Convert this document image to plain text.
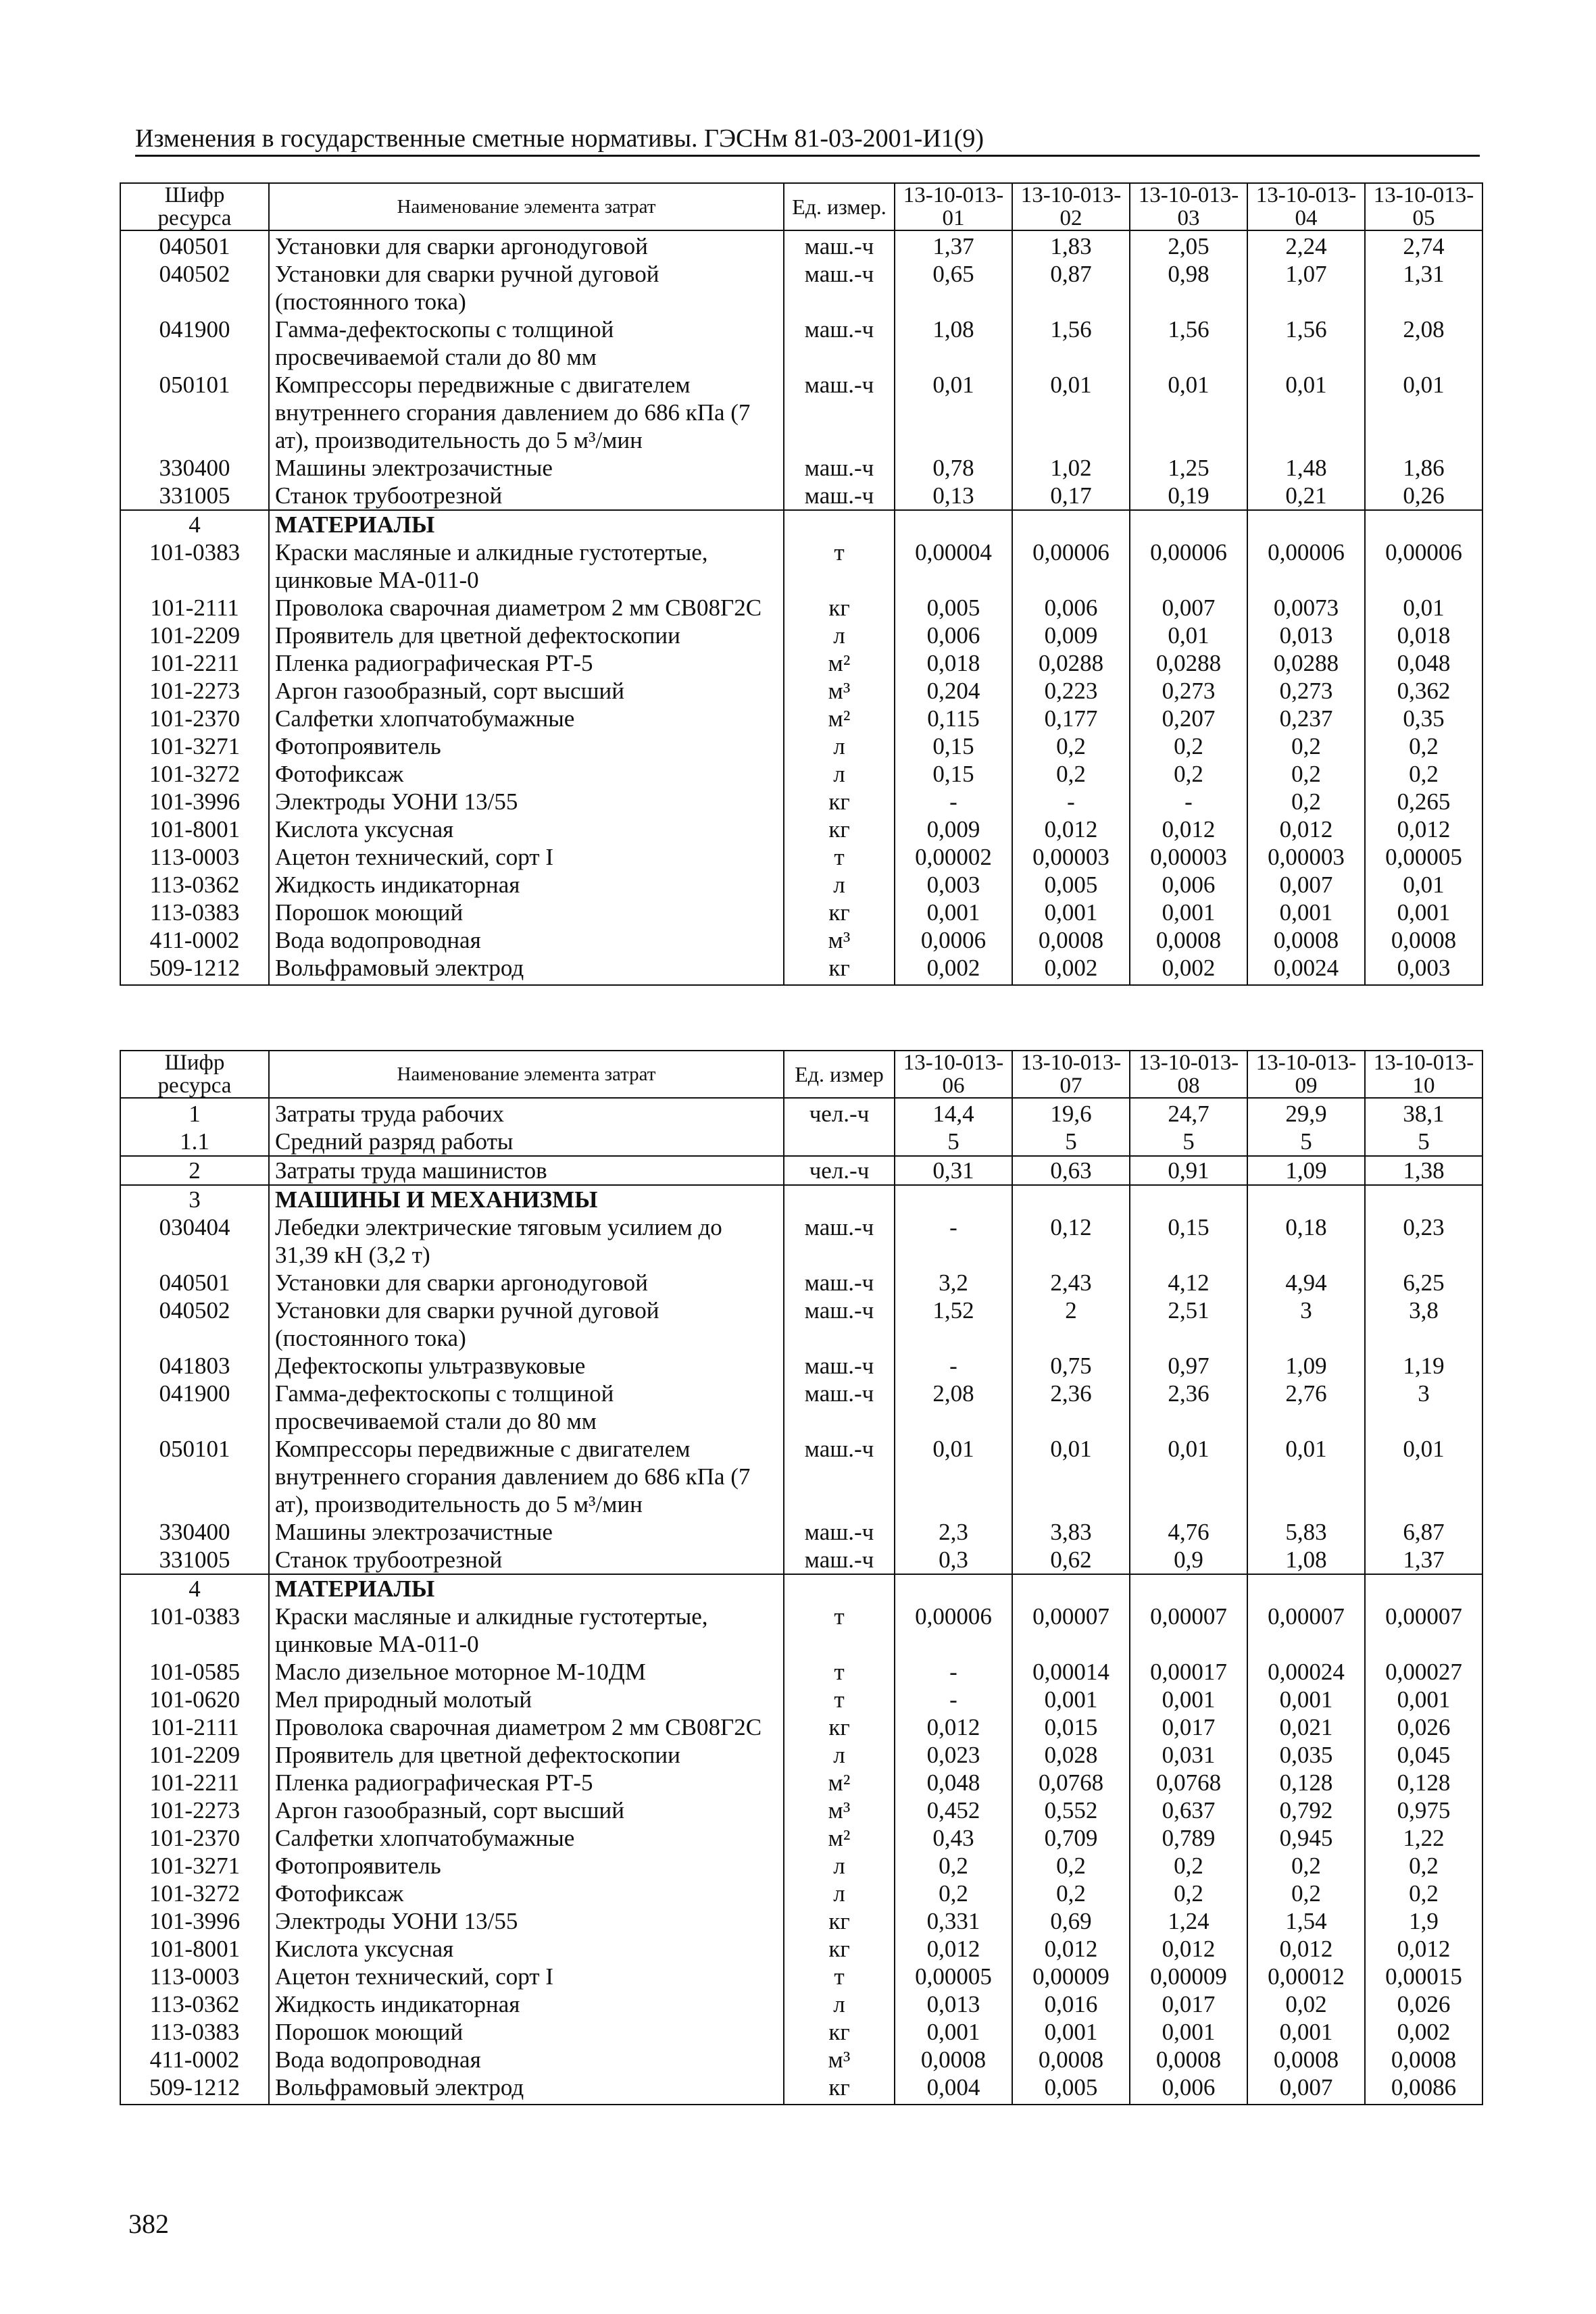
Изменения в государственные сметные нормативы. ГЭСНм 81-03-2001-И1(9)
Шифр ресурса	Наименование элемента затрат	Ед. измер.	13-10-013-01	13-10-013-02	13-10-013-03	13-10-013-04	13-10-013-05
040501	Установки для сварки аргонодуговой	маш.-ч	1,37	1,83	2,05	2,24	2,74
040502	Установки для сварки ручной дуговой (постоянного тока)	маш.-ч	0,65	0,87	0,98	1,07	1,31
041900	Гамма-дефектоскопы с толщиной просвечиваемой стали до 80 мм	маш.-ч	1,08	1,56	1,56	1,56	2,08
050101	Компрессоры передвижные с двигателем внутреннего сгорания давлением до 686 кПа (7 ат), производительность до 5 м³/мин	маш.-ч	0,01	0,01	0,01	0,01	0,01
330400	Машины электрозачистные	маш.-ч	0,78	1,02	1,25	1,48	1,86
331005	Станок трубоотрезной	маш.-ч	0,13	0,17	0,19	0,21	0,26
4	МАТЕРИАЛЫ						
101-0383	Краски масляные и алкидные густотертые, цинковые МА-011-0	т	0,00004	0,00006	0,00006	0,00006	0,00006
101-2111	Проволока сварочная диаметром 2 мм СВ08Г2С	кг	0,005	0,006	0,007	0,0073	0,01
101-2209	Проявитель для цветной дефектоскопии	л	0,006	0,009	0,01	0,013	0,018
101-2211	Пленка радиографическая РТ-5	м²	0,018	0,0288	0,0288	0,0288	0,048
101-2273	Аргон газообразный, сорт высший	м³	0,204	0,223	0,273	0,273	0,362
101-2370	Салфетки хлопчатобумажные	м²	0,115	0,177	0,207	0,237	0,35
101-3271	Фотопроявитель	л	0,15	0,2	0,2	0,2	0,2
101-3272	Фотофиксаж	л	0,15	0,2	0,2	0,2	0,2
101-3996	Электроды УОНИ 13/55	кг	-	-	-	0,2	0,265
101-8001	Кислота уксусная	кг	0,009	0,012	0,012	0,012	0,012
113-0003	Ацетон технический, сорт I	т	0,00002	0,00003	0,00003	0,00003	0,00005
113-0362	Жидкость индикаторная	л	0,003	0,005	0,006	0,007	0,01
113-0383	Порошок моющий	кг	0,001	0,001	0,001	0,001	0,001
411-0002	Вода водопроводная	м³	0,0006	0,0008	0,0008	0,0008	0,0008
509-1212	Вольфрамовый электрод	кг	0,002	0,002	0,002	0,0024	0,003
Шифр ресурса	Наименование элемента затрат	Ед. измер	13-10-013-06	13-10-013-07	13-10-013-08	13-10-013-09	13-10-013-10
1	Затраты труда рабочих	чел.-ч	14,4	19,6	24,7	29,9	38,1
1.1	Средний разряд работы		5	5	5	5	5
2	Затраты труда машинистов	чел.-ч	0,31	0,63	0,91	1,09	1,38
3	МАШИНЫ И МЕХАНИЗМЫ						
030404	Лебедки электрические тяговым усилием до 31,39 кН (3,2 т)	маш.-ч	-	0,12	0,15	0,18	0,23
040501	Установки для сварки аргонодуговой	маш.-ч	3,2	2,43	4,12	4,94	6,25
040502	Установки для сварки ручной дуговой (постоянного тока)	маш.-ч	1,52	2	2,51	3	3,8
041803	Дефектоскопы ультразвуковые	маш.-ч	-	0,75	0,97	1,09	1,19
041900	Гамма-дефектоскопы с толщиной просвечиваемой стали до 80 мм	маш.-ч	2,08	2,36	2,36	2,76	3
050101	Компрессоры передвижные с двигателем внутреннего сгорания давлением до 686 кПа (7 ат), производительность до 5 м³/мин	маш.-ч	0,01	0,01	0,01	0,01	0,01
330400	Машины электрозачистные	маш.-ч	2,3	3,83	4,76	5,83	6,87
331005	Станок трубоотрезной	маш.-ч	0,3	0,62	0,9	1,08	1,37
4	МАТЕРИАЛЫ						
101-0383	Краски масляные и алкидные густотертые, цинковые МА-011-0	т	0,00006	0,00007	0,00007	0,00007	0,00007
101-0585	Масло дизельное моторное М-10ДМ	т	-	0,00014	0,00017	0,00024	0,00027
101-0620	Мел природный молотый	т	-	0,001	0,001	0,001	0,001
101-2111	Проволока сварочная диаметром 2 мм СВ08Г2С	кг	0,012	0,015	0,017	0,021	0,026
101-2209	Проявитель для цветной дефектоскопии	л	0,023	0,028	0,031	0,035	0,045
101-2211	Пленка радиографическая РТ-5	м²	0,048	0,0768	0,0768	0,128	0,128
101-2273	Аргон газообразный, сорт высший	м³	0,452	0,552	0,637	0,792	0,975
101-2370	Салфетки хлопчатобумажные	м²	0,43	0,709	0,789	0,945	1,22
101-3271	Фотопроявитель	л	0,2	0,2	0,2	0,2	0,2
101-3272	Фотофиксаж	л	0,2	0,2	0,2	0,2	0,2
101-3996	Электроды УОНИ 13/55	кг	0,331	0,69	1,24	1,54	1,9
101-8001	Кислота уксусная	кг	0,012	0,012	0,012	0,012	0,012
113-0003	Ацетон технический, сорт I	т	0,00005	0,00009	0,00009	0,00012	0,00015
113-0362	Жидкость индикаторная	л	0,013	0,016	0,017	0,02	0,026
113-0383	Порошок моющий	кг	0,001	0,001	0,001	0,001	0,002
411-0002	Вода водопроводная	м³	0,0008	0,0008	0,0008	0,0008	0,0008
509-1212	Вольфрамовый электрод	кг	0,004	0,005	0,006	0,007	0,0086
382
